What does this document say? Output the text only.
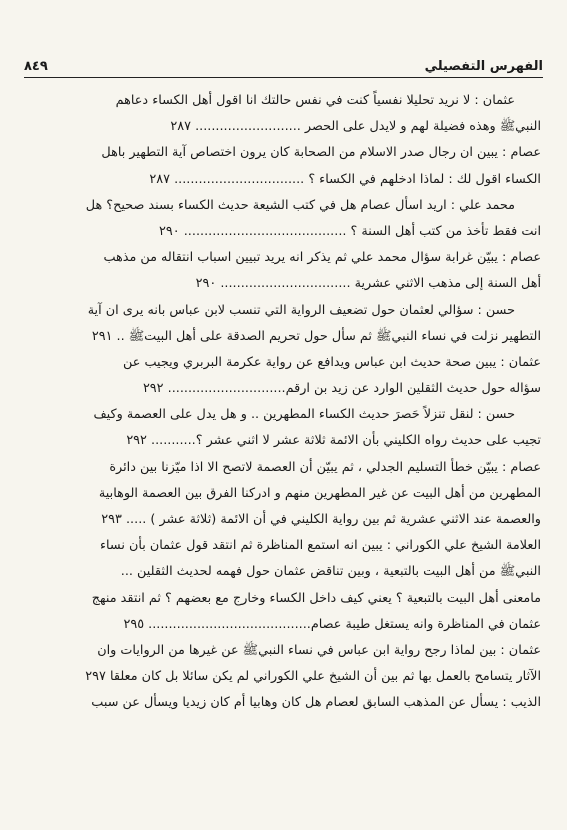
الفهرس التفصيلي
٨٤٩
عثمان : لا نريد تحليلا نفسياً كنت في نفس حالتك انا اقول أهل الكساء دعاهم
النبيﷺ وهذه فضيلة لهم و لايدل على الحصر .......................... ٢٨٧
عصام : يبين ان رجال صدر الاسلام من الصحابة كان يرون اختصاص آية التطهير باهل
الكساء اقول لك : لماذا ادخلهم في الكساء ؟ ................................ ٢٨٧
محمد علي : اريد اسأل عصام هل في كتب الشيعة حديث الكساء بسند صحيح؟ هل
انت فقط تأخذ من كتب أهل السنة ؟ ........................................ ٢٩٠
عصام : يبيّن غرابة سؤال محمد علي ثم يذكر انه يريد تبيين اسباب انتقاله من مذهب
أهل السنة إلى مذهب الاثني عشرية ................................ ٢٩٠
حسن : سؤالي لعثمان حول تضعيف الرواية التي تنسب لابن عباس بانه يرى ان آية
التطهير نزلت في نساء النبيﷺ ثم سأل حول تحريم الصدقة على أهل البيتﷺ .. ٢٩١
عثمان : يبين صحة حديث ابن عباس ويدافع عن رواية عكرمة البربري ويجيب عن
سؤاله حول حديث الثقلين الوارد عن زيد بن ارقم............................. ٢٩٢
حسن : لنقل تنزلاً حَصرَ حديث الكساء المطهرين .. و هل يدل على العصمة وكيف
تجيب على حديث رواه الكليني بأن الائمة ثلاثة عشر لا اثني عشر ؟........... ٢٩٢
عصام : يبيّن خطأ التسليم الجدلي ، ثم يبيّن أن العصمة لاتصح الا اذا ميّزنا بين دائرة
المطهرين من أهل البيت عن غير المطهرين منهم و ادركنا الفرق بين العصمة الوهابية
والعصمة عند الاثني عشرية ثم بين رواية الكليني في أن الائمة (ثلاثة عشر ) ..... ٢٩٣
العلامة الشيخ علي الكوراني : يبين انه استمع المناظرة ثم انتقد قول عثمان بأن نساء
النبيﷺ من أهل البيت بالتبعية ، وبين تناقض عثمان حول فهمه لحديث الثقلين ...
مامعنى أهل البيت بالتبعية ؟ يعني كيف داخل الكساء وخارج مع بعضهم ؟ ثم انتقد منهج
عثمان في المناظرة وانه يستغل طيبة عصام........................................ ٢٩٥
عثمان : بين لماذا رجح رواية ابن عباس في نساء النبيﷺ عن غيرها من الروايات وان
الآثار يتسامح بالعمل بها ثم بين أن الشيخ علي الكوراني لم يكن سائلا بل كان معلقا ٢٩٧
الذيب : يسأل عن المذهب السابق لعصام هل كان وهابيا أم كان زيديا ويسأل عن سبب
